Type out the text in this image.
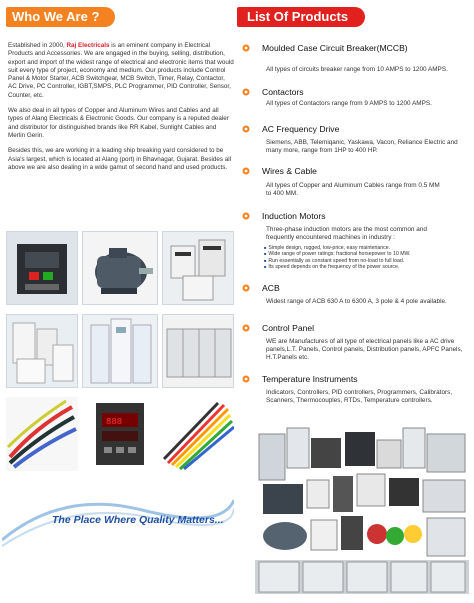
Who We Are ?

Established in 2000, Raj Electricals is an eminent company in Electrical Products and Accessories. We are engaged in the buying, selling, distribution, export and import of the widest range of electrical and electronic items that would suit every type of project, economy and medium. Our products include Control Panel & Motor Starter, ACB Switchgear, MCB Switch, Timer, Relay, Contactor, AC Drive, PC Controller, IGBT,SMPS, PLC Programmer, PID Controller, Sensor, Counter, etc.

We also deal in all types of Copper and Aluminum Wires and Cables and all types of Alang Electricals & Electronic Goods. Our company is a reputed dealer and distributor for distinguished brands like RR Kabel, Sunlight Cables and Merlin Gerin.

Besides this, we are working in a leading ship breaking yard considered to be Asia's largest, which is located at Alang (port) in Bhavnagar, Gujarat. Besides all above we are also dealing in a wide gamut of second hand and used products.

888
The Place Where Quality Matters...
List Of Products
Moulded Case Circuit Breaker(MCCB)
All types of circuits breaker range from 10 AMPS to 1200 AMPS.
Contactors
All types of Contactors range from 9 AMPS to 1200 AMPS.
AC Frequency Drive
Siemens, ABB, Telemiqanic, Yaskawa, Vacon, Reliance Electric and many more, range from 1HP to 400 HP.
Wires & Cable
All types of Copper and Aluminum Cables range from 0.5 MM to 400 MM.
Induction Motors
Three-phase induction motors are the most common and frequently encountered machines in industry :
■ Simple design, rugged, low-price, easy maintenance.
■ Wide range of power ratings: fractional horsepower to 10 MW.
■ Run essentially as constant speed from no-load to full load.
■ Its speed depends on the frequency of the power source.
ACB
Widest range of ACB 630 A to 6300 A, 3 pole & 4 pole available.
Control Panel
WE are Manufactures of all type of electrical panels like a AC drive panels,L.T. Panels, Control panels, Distribution panels, APFC Panels, H.T.Panels etc.
Temperature Instruments
Indicators, Controllers, PID controllers, Programmers, Calibrators, Scanners, Thermocouples, RTDs, Temperature controllers.
